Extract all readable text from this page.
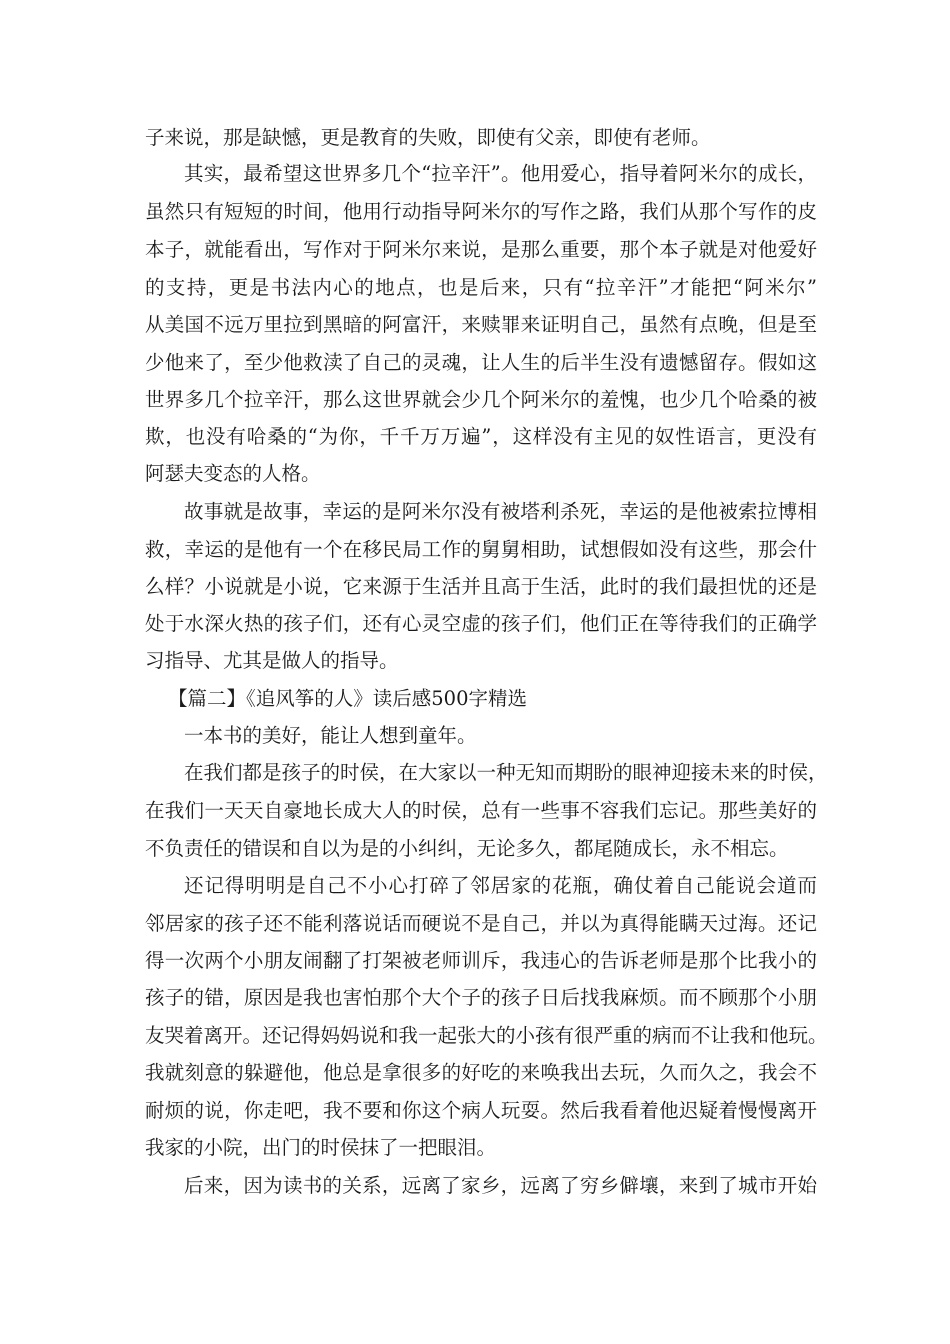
子来说，那是缺憾，更是教育的失败，即使有父亲，即使有老师。
其实，最希望这世界多几个“拉辛汗”。他用爱心，指导着阿米尔的成长，
虽然只有短短的时间，他用行动指导阿米尔的写作之路，我们从那个写作的皮
本子，就能看出，写作对于阿米尔来说，是那么重要，那个本子就是对他爱好
的支持，更是书法内心的地点，也是后来，只有“拉辛汗”才能把“阿米尔”
从美国不远万里拉到黑暗的阿富汗，来赎罪来证明自己，虽然有点晚，但是至
少他来了，至少他救渎了自己的灵魂，让人生的后半生没有遗憾留存。假如这
世界多几个拉辛汗，那么这世界就会少几个阿米尔的羞愧，也少几个哈桑的被
欺，也没有哈桑的“为你，千千万万遍”，这样没有主见的奴性语言，更没有
阿瑟夫变态的人格。
故事就是故事，幸运的是阿米尔没有被塔利杀死，幸运的是他被索拉博相
救，幸运的是他有一个在移民局工作的舅舅相助，试想假如没有这些，那会什
么样？小说就是小说，它来源于生活并且高于生活，此时的我们最担忧的还是
处于水深火热的孩子们，还有心灵空虚的孩子们，他们正在等待我们的正确学
习指导、尤其是做人的指导。
【篇二】《追风筝的人》读后感500字精选
一本书的美好，能让人想到童年。
在我们都是孩子的时侯，在大家以一种无知而期盼的眼神迎接未来的时侯，
在我们一天天自豪地长成大人的时侯，总有一些事不容我们忘记。那些美好的
不负责任的错误和自以为是的小纠纠，无论多久，都尾随成长，永不相忘。
还记得明明是自己不小心打碎了邻居家的花瓶，确仗着自己能说会道而
邻居家的孩子还不能利落说话而硬说不是自己，并以为真得能瞒天过海。还记
得一次两个小朋友闹翻了打架被老师训斥，我违心的告诉老师是那个比我小的
孩子的错，原因是我也害怕那个大个子的孩子日后找我麻烦。而不顾那个小朋
友哭着离开。还记得妈妈说和我一起张大的小孩有很严重的病而不让我和他玩。
我就刻意的躲避他，他总是拿很多的好吃的来唤我出去玩，久而久之，我会不
耐烦的说，你走吧，我不要和你这个病人玩耍。然后我看着他迟疑着慢慢离开
我家的小院，出门的时侯抹了一把眼泪。
后来，因为读书的关系，远离了家乡，远离了穷乡僻壤，来到了城市开始
